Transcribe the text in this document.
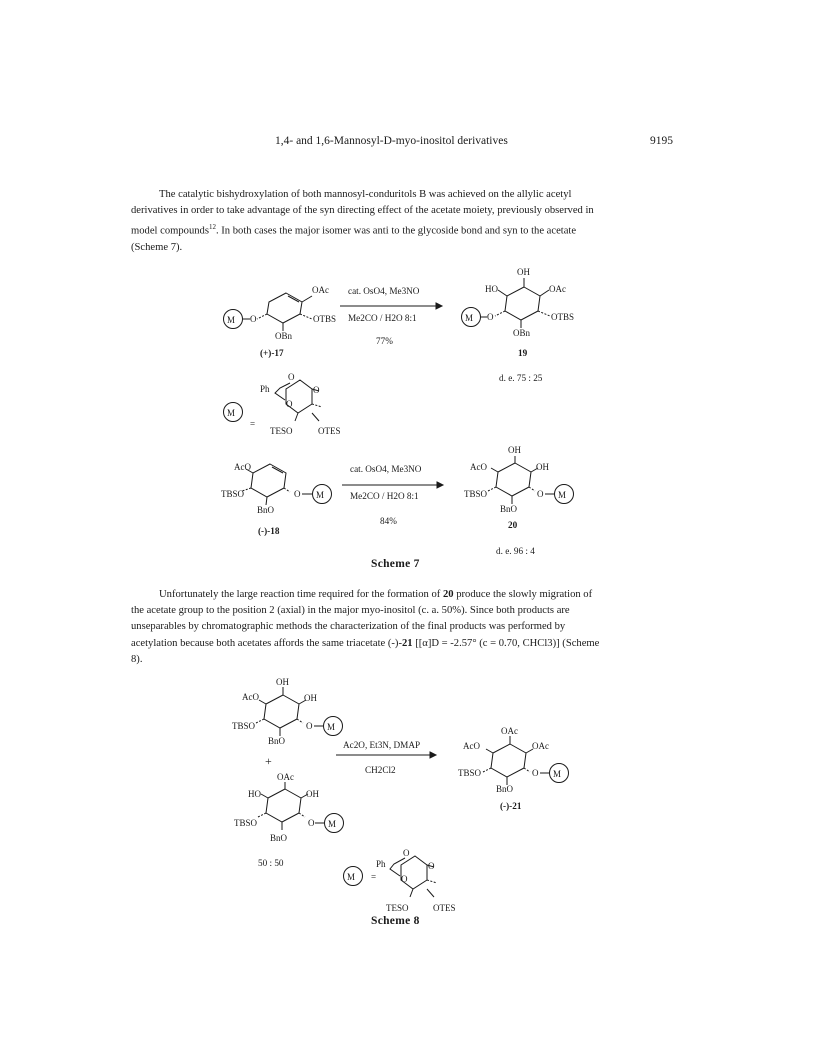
1,4- and 1,6-Mannosyl-D-myo-inositol derivatives	9195

The catalytic bishydroxylation of both mannosyl-conduritols B was achieved on the allylic acetyl

derivatives in order to take advantage of the syn directing effect of the acetate moiety, previously observed in

model compounds$^{12}$. In both cases the major isomer was anti to the glycoside bond and syn to the acetate

(Scheme 7).

OAc
OTBS
OBn
M O
OH
HO	OAc
OTBS
OBn
M O
Ph
O
O
O
M
=
TESO	OTES
AcO
TBSO
BnO
O M
OH
AcO	OH
TBSO
BnO
O M
OH
AcO	OH
TBSO
BnO
O M
OAc
HO	OH
TBSO
BnO
O M
OAc
AcO	OAc
TBSO
BnO
O M
Ph
O
O
O
M =
TESO	OTES
cat. OsO4, Me3NO
Me2CO / H2O 8:1
77%
(+)-17	19
d. e. 75 : 25
cat. OsO4, Me3NO
Me2CO / H2O 8:1
84%
(-)-18
20
d. e. 96 : 4
Scheme 7

Unfortunately the large reaction time required for the formation of 20 produce the slowly migration of

the acetate group to the position 2 (axial) in the major myo-inositol (c. a. 50%). Since both products are

unseparables by chromatographic methods the characterization of the final products was performed by

acetylation because both acetates affords the same triacetate (-)-21 [[α]D = -2.57° (c = 0.70, CHCl3)] (Scheme

8).

Ac2O, Et3N, DMAP
CH2Cl2
+
50 : 50
(-)-21
Scheme 8
